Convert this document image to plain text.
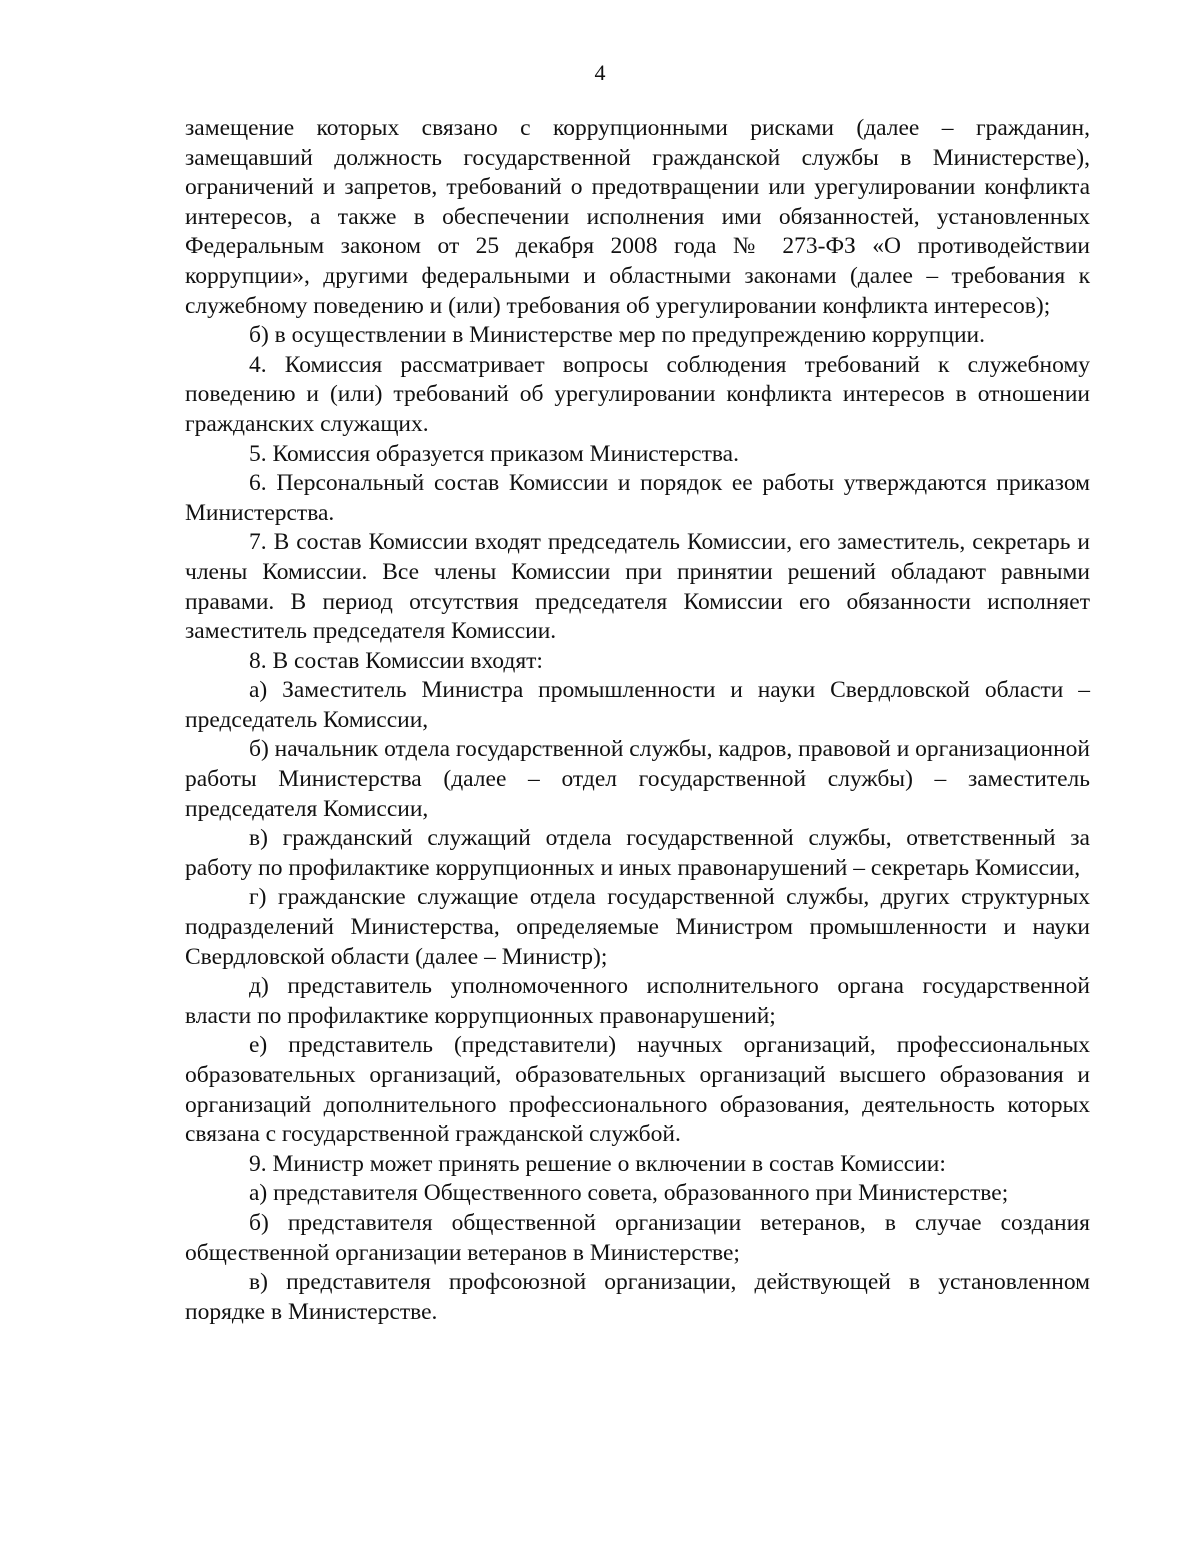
4

замещение которых связано с коррупционными рисками (далее – гражданин, замещавший должность государственной гражданской службы в Министерстве), ограничений и запретов, требований о предотвращении или урегулировании конфликта интересов, а также в обеспечении исполнения ими обязанностей, установленных Федеральным законом от 25 декабря 2008 года № 273-ФЗ «О противодействии коррупции», другими федеральными и областными законами (далее – требования к служебному поведению и (или) требования об урегулировании конфликта интересов);

б) в осуществлении в Министерстве мер по предупреждению коррупции.

4. Комиссия рассматривает вопросы соблюдения требований к служебному поведению и (или) требований об урегулировании конфликта интересов в отношении гражданских служащих.

5. Комиссия образуется приказом Министерства.

6. Персональный состав Комиссии и порядок ее работы утверждаются приказом Министерства.

7. В состав Комиссии входят председатель Комиссии, его заместитель, секретарь и члены Комиссии. Все члены Комиссии при принятии решений обладают равными правами. В период отсутствия председателя Комиссии его обязанности исполняет заместитель председателя Комиссии.

8. В состав Комиссии входят:

а) Заместитель Министра промышленности и науки Свердловской области – председатель Комиссии,

б) начальник отдела государственной службы, кадров, правовой и организационной работы Министерства (далее – отдел государственной службы) – заместитель председателя Комиссии,

в) гражданский служащий отдела государственной службы, ответственный за работу по профилактике коррупционных и иных правонарушений – секретарь Комиссии,

г) гражданские служащие отдела государственной службы, других структурных подразделений Министерства, определяемые Министром промышленности и науки Свердловской области (далее – Министр);

д) представитель уполномоченного исполнительного органа государственной власти по профилактике коррупционных правонарушений;

е) представитель (представители) научных организаций, профессиональных образовательных организаций, образовательных организаций высшего образования и организаций дополнительного профессионального образования, деятельность которых связана с государственной гражданской службой.

9. Министр может принять решение о включении в состав Комиссии:

а) представителя Общественного совета, образованного при Министерстве;

б) представителя общественной организации ветеранов, в случае создания общественной организации ветеранов в Министерстве;

в) представителя профсоюзной организации, действующей в установленном порядке в Министерстве.
